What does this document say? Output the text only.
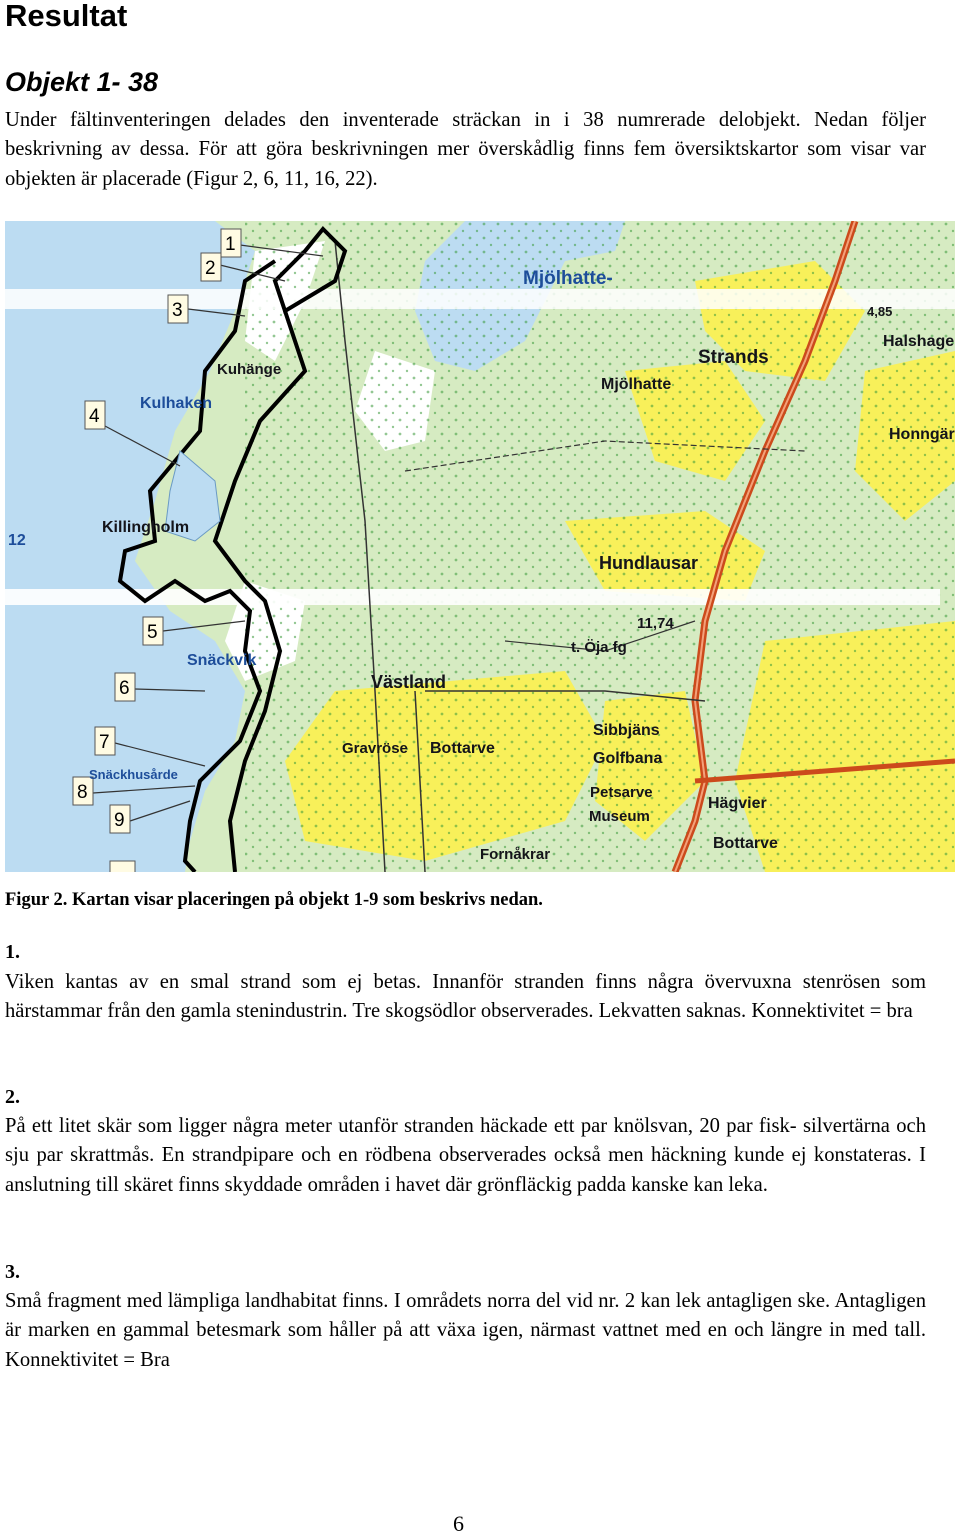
Resultat
Objekt 1- 38

Under fältinventeringen delades den inventerade sträckan in i 38 numrerade delobjekt. Nedan följer beskrivning av dessa. För att göra beskrivningen mer överskådlig finns fem översiktskartor som visar var objekten är placerade (Figur 2, 6, 11, 16, 22).

1
2
3
4
5
6
7
8
9
Mjölhatte-
Strands
Halshage
Mjölhatte
Kuhänge
Kulhaken
Honngär
Killingholm
12
Hundlausar
11,74
t. Öja fg
Snäckvik
Västland
Gravröse Bottarve
Sibbjäns
Golfbana
Snäckhusårde
Petsarve
Hägvier
Museum
Bottarve
Fornåkrar
4,85

Figur 2. Kartan visar placeringen på objekt 1-9 som beskrivs nedan.

1.

Viken kantas av en smal strand som ej betas. Innanför stranden finns några övervuxna stenrösen som härstammar från den gamla stenindustrin. Tre skogsödlor observerades. Lekvatten saknas. Konnektivitet = bra

2.

På ett litet skär som ligger några meter utanför stranden häckade ett par knölsvan, 20 par fisk- silvertärna och sju par skrattmås. En strandpipare och en rödbena observerades också men häckning kunde ej konstateras. I anslutning till skäret finns skyddade områden i havet där grönfläckig padda kanske kan leka.

3.

Små fragment med lämpliga landhabitat finns. I områdets norra del vid nr. 2 kan lek antagligen ske. Antagligen är marken en gammal betesmark som håller på att växa igen, närmast vattnet med en och längre in med tall. Konnektivitet = Bra

6
